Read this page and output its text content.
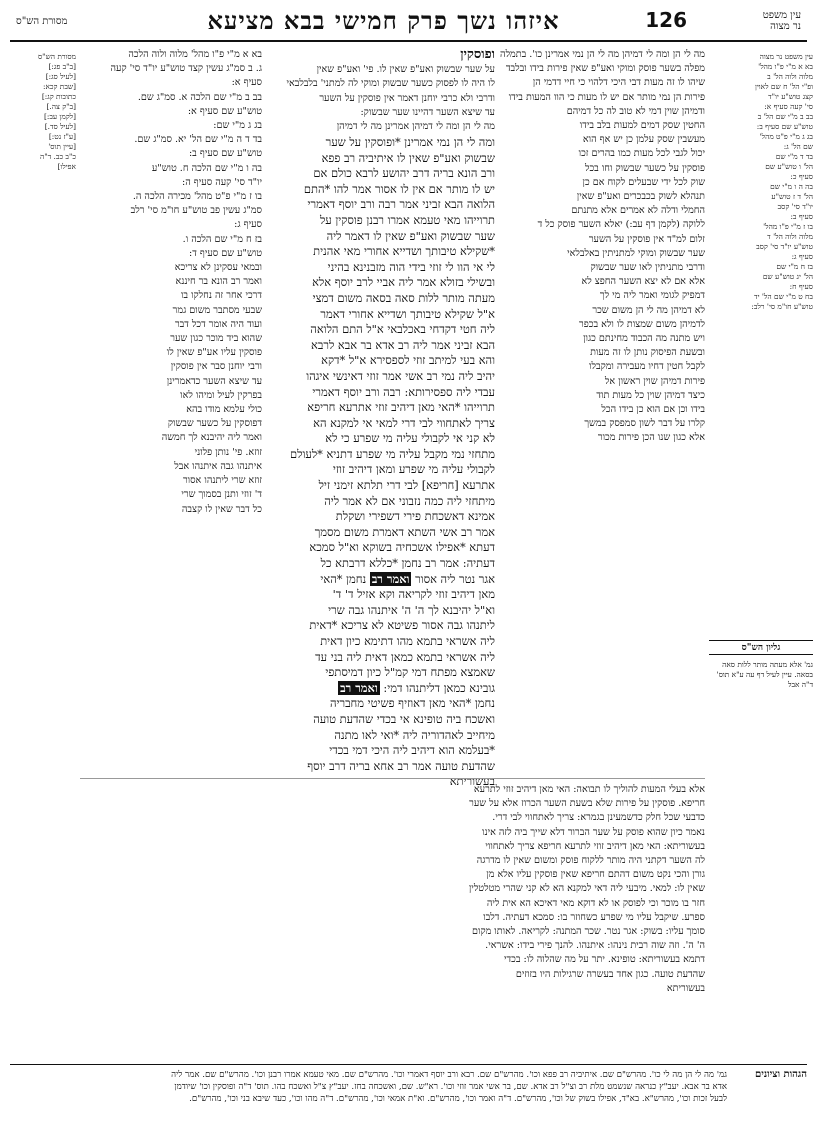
עין משפט
נר מצוה
126
איזהו נשך פרק חמישי בבא מציעא
מסורת הש"ס
עין משפט נר מצוה
בא א מ"י פ"ו מהל'
מלוה ולוה הל' ב
ופ"י הל' ח שם לאוין
קצג טוש"ע יו"ד
סי' קעה סעיף א:
בב ב מ"י שם הל' ב
טוש"ע שם סעיף ב:
בג ג מ"י פ"ט מהל'
שם הל' ג:
בד ד מ"י שם
הל' ו טוש"ע שם
סעיף כ:
בה ה ו מ"י שם
הל' ד ז טוש"ע
יו"ד סי' קסב
סעיף ב:
בו ז מ"י פ"ו מהל'
מלוה ולוה הל' ד
טוש"ע יו"ד סי' קסב
סעיף ג:
בז ח מ"י שם
הל' יג טוש"ע שם
סעיף ח:
בח ט מ"י שם הל' יד
טוש"ע חו"מ סי' רלב:
גליון הש"ס
גמ' אלא מעתה מותר ללות סאה בסאה. עיין לעיל דף עה ע"א תוס' ד"ה אבל
מסורת הש"ס
[ב"ב פג:]
[לעיל סג:]
[שבת קכא:
כתובות קג:]
[ב"ק צה.]
[לקמן עב:]
[לעיל סד.]
[ע"ז נט:]
[עיין תוס'
כ"ב כב. ד"ה
אפילו]
בא א מ"י פ"ו מהל' מלוה ולוה הלכה
ג. ב סמ"ג עשין קצד טוש"ע יו"ד סי' קעה
סעיף א:
בב ב מ"י שם הלכה א. סמ"ג שם.
טוש"ע שם סעיף א:
בג ג מ"י שם:
בד ד ה מ"י שם הל' יא. סמ"ג שם.
טוש"ע שם סעיף ב:
בה ו מ"י שם הלכה ח. טוש"ע
יו"ד סי' קעה סעיף ה:
בו ז מ"י פ"ט מהל' מכירה הלכה ה.
סמ"ג עשין פב טוש"ע חו"מ סי' רלב
סעיף ג:
בז ח מ"י שם הלכה ו.
טוש"ע שם סעיף ד:
ובמאי עסקינן לא צריכא
ואמר רב הונא בר חיננא
דרכי אחר זה נחלקו בו
שבעי מסתבר משום גמר
ועוד היה אומר דכל דבר
שהוא ביד מוכר כגון שער
פוסקין עליו אע"פ שאין לו
ורבי יוחנן סבר אין פוסקין
עד שיצא השער כדאמרינן
בפרקין לעיל ומיהו לאו
כולי עלמא מודו בהא
דפוסקין על כשער שבשוק
ואמר ליה יהיבנא לך חמשה
זוזא. פי' נותן פלוני
איתנהו גבה איתנהו אבל
זוזא שרי ליתנהו אסור
ד' זוזי ותנן בסמוך שרי
כל דבר שאין לו קצבה
ופוסקין
על שער שבשוק ואע"פ שאין לו. פי' ואע"פ שאין
לו היה לו לפסוק כשער שבשוק ומוקי לה למתני' בלבלבאי
ודרבי ולא כרבי יוחנן דאמר אין פוסקין על השער
עד שיצא השער דהיינו שער שבשוק:
מה לי הן ומה לי דמיהן אמרינן מה לי דמיהן
ומה לי הן נמי אמרינן *ופוסקין על שער
שבשוק ואע"פ שאין לו איתיביה רב פפא
ורב הונא בריה דרב יהושע לרבא כולם אם
יש לו מותר אם אין לו אסור אמר להו *התם
הלואה הבא זביני אמר רבה ורב יוסף דאמרי
תרוייהו מאי טעמא אמרו רבנן פוסקין על
שער שבשוק ואע"פ שאין לו דאמר ליה
*שקילא טיבותך ושדייא אחורי מאי אהנית
לי אי הוו לי זוזי בידי הוה מזבנינא בהיני
ובשילי בזולא אמר ליה אביי לרב יוסף אלא
מעתה מותר ללות סאה בסאה משום דמצי
א"ל שקילא טיבותך ושדייא אחורי דאמר
ליה חטי דקדחי באכלבאי א"ל התם הלואה
הבא זביני אמר ליה רב אדא בר אבא לרבא
והא בעי למיתב זוזי לספסירא א"ל *דקא
יהיב ליה נמי רב אשי אמר זוזי דאינשי איגהו
עבדי ליה ספסירותא: רבה ורב יוסף דאמרי
תרוייהו *האי מאן דיהיב זוזי אתרעא חריפא
צריך לאתחווי לבי דרי למאי אי למקנא הא
לא קני אי לקבולי עליה מי שפרע כי לא
מתחזי נמי מקבל עליה מי שפרע דתניא *לעולם
לקבולי עליה מי שפרע ומאן דיהיב זוזי
אתרעא [חריפא] לבי דרי תלתא זימני זיל
מיתחזי ליה כמה נזבוני אם לא אמר ליה
אמינא דאשכחת פירי דשפירי ושקלת
אמר רב אשי השתא דאמרת משום מסמך
דעתא *אפילו אשכחיה בשוקא וא"ל סמכא
דעתיה: אמר רב נחמן *כללא דרבתא כל
אגר נטר ליה אסור ואמר רב נחמן *האי
מאן דיהיב זוזי לקריאה וקא אזיל ד' ד'
וא"ל יהיבנא לך ה' ה' איתנהו גבה שרי
ליתנהו גבה אסור פשיטא לא צריכא *דאית
ליה אשראי בתמא מהו דתימא כיון דאית
ליה אשראי בתמא כמאן דאית ליה בני עד
שאמצא מפתח דמי קמ"ל כיון דמיסתפי
גובינא כמאן דליתנהו דמי: ואמר רב
נחמן *האי מאן דאוזיף פשיטי מחבריה
ואשכח ביה טופינא אי בכדי שהדעת טועה
מיחייב לאהדוריה ליה *ואי לאו מתנה
*בעלמא הוא דיהיב ליה היכי דמי בכדי
שהדעת טועה אמר רב אחא בריה דרב יוסף
בעשוריתא
מה לי הן ומה לי דמיהן מה לי הן נמי אמרינן כו'. בתמלה
מפלה בשער פוסק ומוקי ואע"פ שאין פירות בידו ובלבד
שיהו לו זה מעות דבי היכי דלהוי כי חיי דדמי הן
פירות הן נמי מותר אם יש לו מעות כי הוו המעות בידו
ודמיהן שוין דמי לא טוב לה כל דמיהם
החטין שסק דמים למעות בלב בידו
מעשבין שסק עלמן כן יש אף הוא
יכול לגבי לכל מעות כמו בהרים זכו
פוסקין על כשער שבשוק וחו בכל
שוק לכל ידי שבעלים לקוח אם כן
תנהלא לשוק בכבכרים ואע"פ שאין
החמלי ודלה לא אמרים אלא מתנתם
ללוקה (לקמן דף עב:) יאלא השער פוסק כל ד
זלום למ"ד אין פוסקין על השער
שער שבשוק ומוקי למתניתין באלבלאי
ודרבי מתניתין לאו שער שבשוק
אלא אם לא יצא השער החפצ לא
דמפיק לגומי ואמר ליה מי לך
לא דמיהן מה לי הן משום שכר
לדמיהן משום שמצות לו ולא בכפר
ויש מתנה מה הכבוד מחינתם כגון
ובשעת הפיסוק נותן לו זה מעות
לקבל חטין דחיו מעבירה ומקבלו
פירות דמיהן שוין ראשון אל
כיצד דמיהן שוין כל מעות תוד
בידו וכן אם הוא כן בידו הכל
קלרו על דבר לשון סמפסק במשך
אלא כגון שנו הכן פירות מכור
אלא בעלי המעות להוליך לו תבואה: האי מאן דיהיב זוזי לתרעא
חריפא. פוסקין על פירות שלא בשעת השער הכרוז אלא על שער
כדבעי שכל חלק כדשמעינן בגמרא: צריך לאתחווי לבי דרי.
נאמר כיון שהוא פוסק על שער הברור דלא שייך ביה לזה אינו
בעשוריתא: האי מאן דיהיב זוזי לתרעא חריפא צריך לאתחווי
לה השער דקתני היה מותר ללקוח פוסק ומשום שאין לו מדרגה
גורן והכי נקט משום דהתם חריפא שאין פוסקין עליו אלא מן
שאין לו: למאי. מיבעי ליה דאי למקנא הא לא קני שהרי מטלטלין
חזר בו מוכר וכי לפוסק או לא דוקא מאי דאיכא הא אית ליה
ספרע. שיקבל עליו מי שפרע כשחוזר בו: סמכא דעתיה. דלבו
סומך עליו: בשוק: אגר נטר. שכר המתנה: לקריאה. לאותו מקום
ה' ה'. וזה שוה רבית נינהו: איתנהו. להנך פירי בידו: אשראי.
דתמא בעשוריתא: טופינא. יתר על מה שהלוה לו: בכדי
שהדעת טועה. כגון אחד בעשרה שרגילות היו בזוזים
בעשוריתא
הגהות וציונים
גמ' מה לי הן מה לי כו'. מהרש"ם שם. איתיביה רב פפא וכו'. מהרש"ם שם. רבא ורב יוסף דאמרי וכו'. מהרש"ם שם. מאי טעמא אמרו רבנן וכו'. מהרש"ם שם. אמר ליה
אדא בר אבא. יעב"ץ כנראה שנשמט מלת רב וצ"ל רב אדא. שם, בר אשי אמר זוזי וכו'. רא"ש. שם, ואשכחה בחז. יעב"ץ צ"ל ואשכח בהו. תוס' ד"ה ופוסקין וכו' שיודמן
לבעל זכות וכו', מהרש"א. בא"ד, אפילו בשוק של וכו', מהרש"ם. ד"ה ואמר וכו', מהרש"ם. וא"ת אמאי וכו', מהרש"ם. ד"ה מהו וכו', כעד שיבא בני וכו', מהרש"ם.
